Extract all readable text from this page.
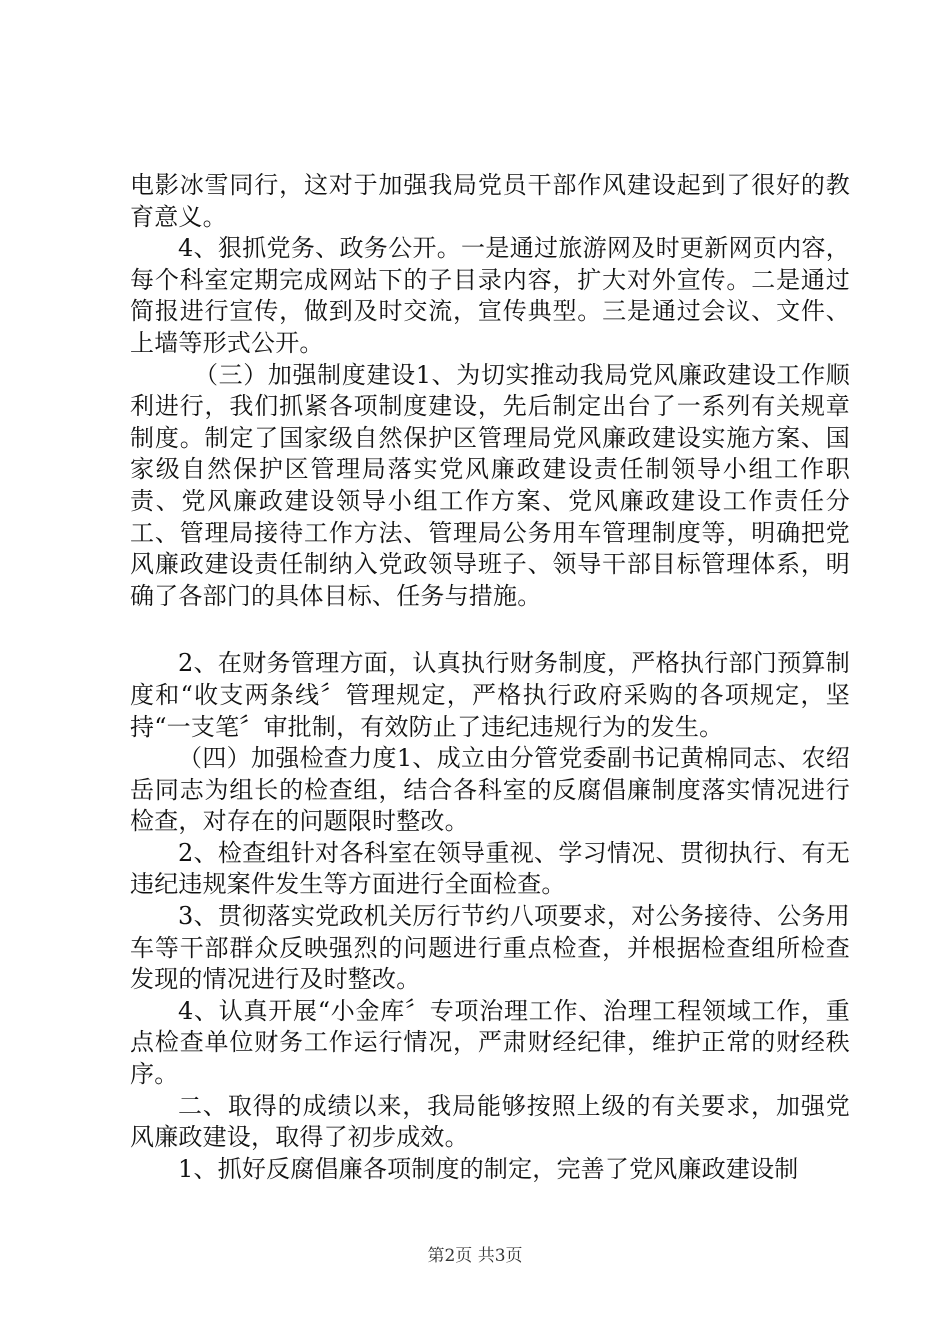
电影冰雪同行，这对于加强我局党员干部作风建设起到了很好的教育意义。

4、狠抓党务、政务公开。一是通过旅游网及时更新网页内容，每个科室定期完成网站下的子目录内容，扩大对外宣传。二是通过简报进行宣传，做到及时交流，宣传典型。三是通过会议、文件、上墙等形式公开。

（三）加强制度建设1、为切实推动我局党风廉政建设工作顺利进行，我们抓紧各项制度建设，先后制定出台了一系列有关规章制度。制定了国家级自然保护区管理局党风廉政建设实施方案、国家级自然保护区管理局落实党风廉政建设责任制领导小组工作职责、党风廉政建设领导小组工作方案、党风廉政建设工作责任分工、管理局接待工作方法、管理局公务用车管理制度等，明确把党风廉政建设责任制纳入党政领导班子、领导干部目标管理体系，明确了各部门的具体目标、任务与措施。

2、在财务管理方面，认真执行财务制度，严格执行部门预算制度和“收支两条线〞管理规定，严格执行政府采购的各项规定，坚持“一支笔〞审批制，有效防止了违纪违规行为的发生。

（四）加强检查力度1、成立由分管党委副书记黄棉同志、农绍岳同志为组长的检查组，结合各科室的反腐倡廉制度落实情况进行检查，对存在的问题限时整改。

2、检查组针对各科室在领导重视、学习情况、贯彻执行、有无违纪违规案件发生等方面进行全面检查。

3、贯彻落实党政机关厉行节约八项要求，对公务接待、公务用车等干部群众反映强烈的问题进行重点检查，并根据检查组所检查发现的情况进行及时整改。

4、认真开展“小金库〞专项治理工作、治理工程领域工作，重点检查单位财务工作运行情况，严肃财经纪律，维护正常的财经秩序。

二、取得的成绩以来，我局能够按照上级的有关要求，加强党风廉政建设，取得了初步成效。

1、抓好反腐倡廉各项制度的制定，完善了党风廉政建设制

第2页 共3页
